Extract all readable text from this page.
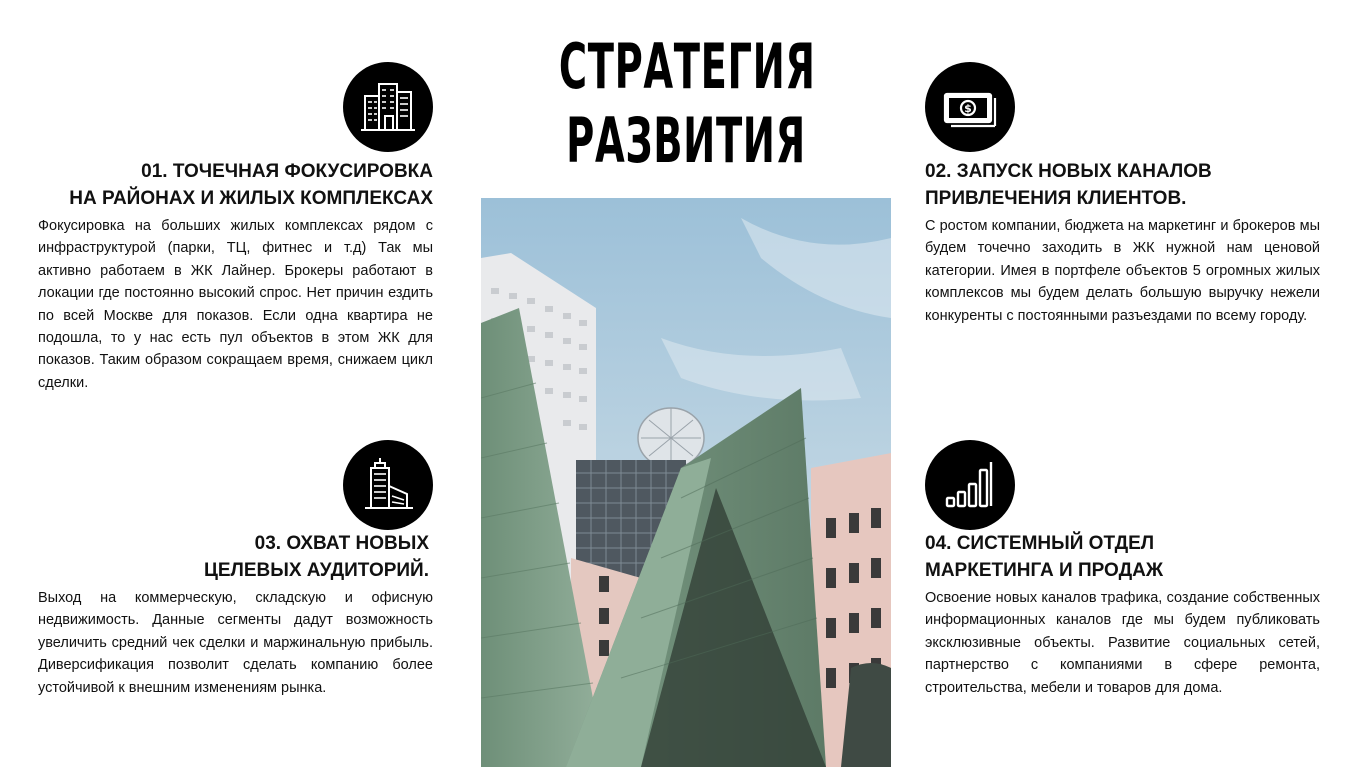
СТРАТЕГИЯ
РАЗВИТИЯ
01. ТОЧЕЧНАЯ ФОКУСИРОВКА
НА РАЙОНАХ И ЖИЛЫХ КОМПЛЕКСАХ
Фокусировка на больших жилых комплексах рядом с инфраструктурой (парки, ТЦ, фитнес и т.д) Так мы активно работаем в ЖК Лайнер. Брокеры работают в локации где постоянно высокий спрос. Нет причин ездить по всей Москве для показов. Если одна квартира не подошла, то у нас есть пул объектов в этом ЖК для показов. Таким образом сокращаем время, снижаем цикл сделки.
$
02. ЗАПУСК НОВЫХ КАНАЛОВ
ПРИВЛЕЧЕНИЯ КЛИЕНТОВ.
С ростом компании, бюджета на маркетинг и брокеров мы будем точечно заходить в ЖК нужной нам ценовой категории. Имея в портфеле объектов 5 огромных жилых комплексов мы будем делать большую выручку нежели конкуренты с постоянными разъездами по всему городу.
03. ОХВАТ НОВЫХ
ЦЕЛЕВЫХ АУДИТОРИЙ.
Выход на коммерческую, складскую и офисную недвижимость. Данные сегменты дадут возможность увеличить средний чек сделки и маржинальную прибыль. Диверсификация позволит сделать компанию более устойчивой к внешним изменениям рынка.
04. СИСТЕМНЫЙ ОТДЕЛ
МАРКЕТИНГА И ПРОДАЖ
Освоение новых каналов трафика, создание собственных информационных каналов где мы будем публиковать эксклюзивные объекты. Развитие социальных сетей, партнерство с компаниями в сфере ремонта, строительства, мебели и товаров для дома.
